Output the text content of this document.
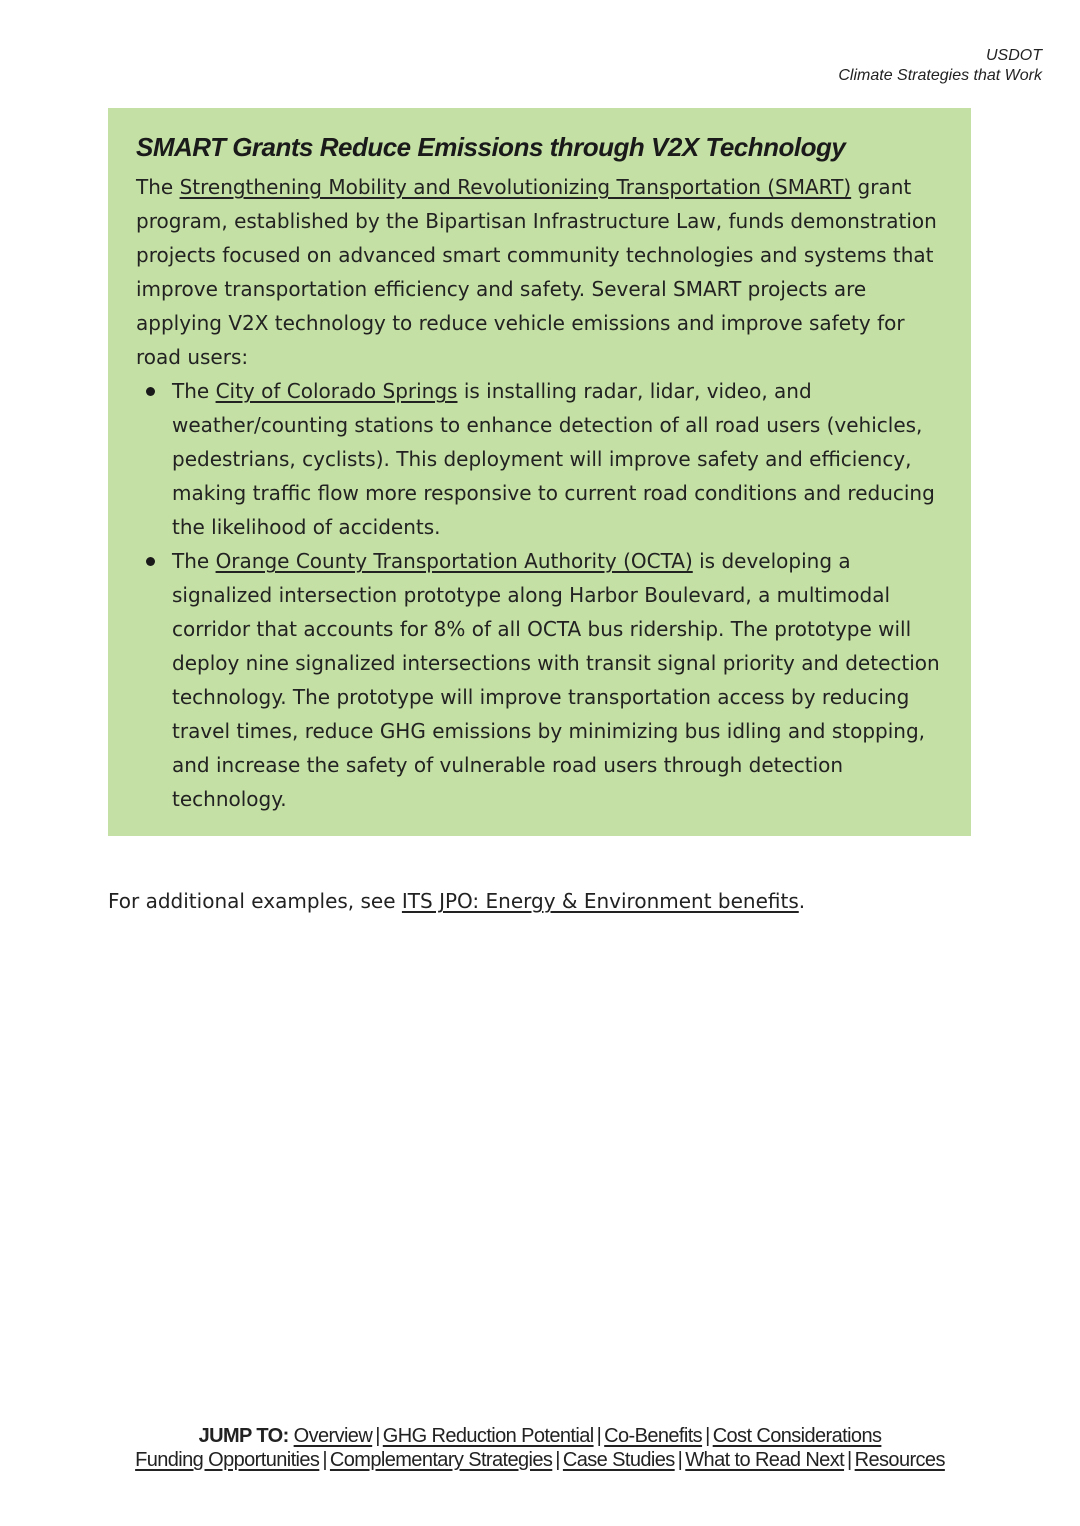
USDOT
Climate Strategies that Work
SMART Grants Reduce Emissions through V2X Technology

The Strengthening Mobility and Revolutionizing Transportation (SMART) grant program, established by the Bipartisan Infrastructure Law, funds demonstration projects focused on advanced smart community technologies and systems that improve transportation efficiency and safety. Several SMART projects are applying V2X technology to reduce vehicle emissions and improve safety for road users:

The City of Colorado Springs is installing radar, lidar, video, and weather/counting stations to enhance detection of all road users (vehicles, pedestrians, cyclists). This deployment will improve safety and efficiency, making traffic flow more responsive to current road conditions and reducing the likelihood of accidents.
The Orange County Transportation Authority (OCTA) is developing a signalized intersection prototype along Harbor Boulevard, a multimodal corridor that accounts for 8% of all OCTA bus ridership. The prototype will deploy nine signalized intersections with transit signal priority and detection technology. The prototype will improve transportation access by reducing travel times, reduce GHG emissions by minimizing bus idling and stopping, and increase the safety of vulnerable road users through detection technology.

For additional examples, see ITS JPO: Energy & Environment benefits.

JUMP TO: Overview | GHG Reduction Potential | Co-Benefits | Cost Considerations
Funding Opportunities | Complementary Strategies | Case Studies | What to Read Next | Resources
